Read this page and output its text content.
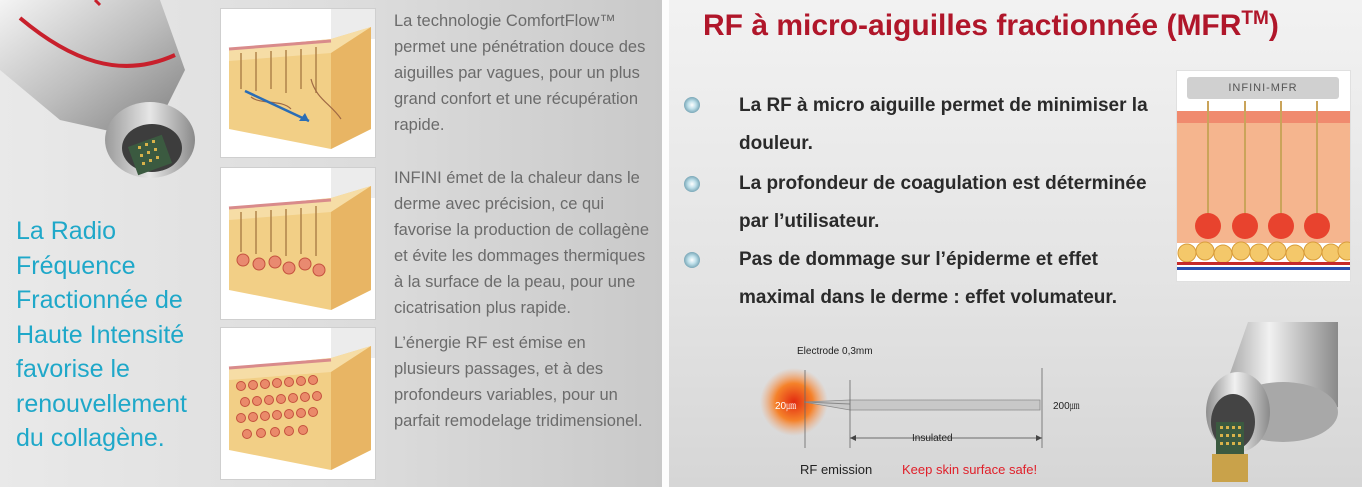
La Radio
Fréquence
Fractionnée de
Haute Intensité
favorise le
renouvellement
du collagène.
La technologie ComfortFlow™ permet une pénétration douce des aiguilles par vagues, pour un plus grand confort et une récupération rapide.
INFINI émet de la chaleur dans le derme avec précision, ce qui favorise la production de collagène et évite les dommages thermiques à la surface de la peau, pour une cicatrisation plus rapide.
L’énergie RF est émise en plusieurs passages, et à des profondeurs variables, pour un parfait remodelage tridimensionel.
RF à micro-aiguilles fractionnée (MFR™)
La RF à micro aiguille permet de minimiser la douleur.
La profondeur de coagulation est déterminée par l’utilisateur.
Pas de dommage sur l’épiderme et effet maximal dans le derme : effet volumateur.
INFINI-MFR
Electrode 0,3mm
20㎛	200㎛
Insulated
RF emission Keep skin surface safe!
